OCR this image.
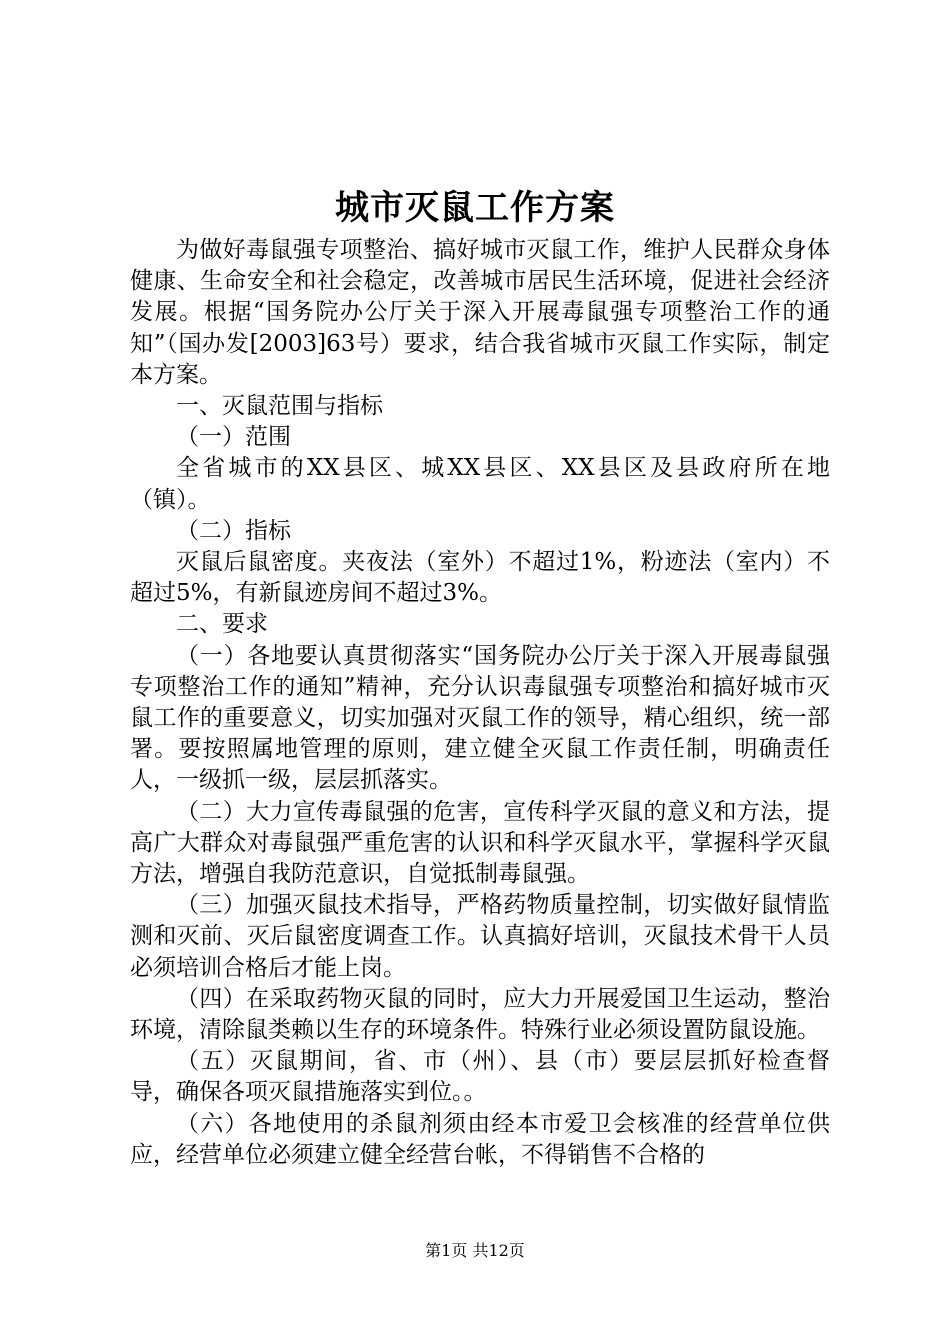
城市灭鼠工作方案

为做好毒鼠强专项整治、搞好城市灭鼠工作，维护人民群众身体健康、生命安全和社会稳定，改善城市居民生活环境，促进社会经济发展。根据“国务院办公厅关于深入开展毒鼠强专项整治工作的通知”（国办发[2003]63号）要求，结合我省城市灭鼠工作实际，制定本方案。

一、灭鼠范围与指标

（一）范围

全省城市的XX县区、城XX县区、XX县区及县政府所在地（镇）。

（二）指标

灭鼠后鼠密度。夹夜法（室外）不超过1%，粉迹法（室内）不超过5%，有新鼠迹房间不超过3%。

二、要求

（一）各地要认真贯彻落实“国务院办公厅关于深入开展毒鼠强专项整治工作的通知”精神，充分认识毒鼠强专项整治和搞好城市灭鼠工作的重要意义，切实加强对灭鼠工作的领导，精心组织，统一部署。要按照属地管理的原则，建立健全灭鼠工作责任制，明确责任人，一级抓一级，层层抓落实。

（二）大力宣传毒鼠强的危害，宣传科学灭鼠的意义和方法，提高广大群众对毒鼠强严重危害的认识和科学灭鼠水平，掌握科学灭鼠方法，增强自我防范意识，自觉抵制毒鼠强。

（三）加强灭鼠技术指导，严格药物质量控制，切实做好鼠情监测和灭前、灭后鼠密度调查工作。认真搞好培训，灭鼠技术骨干人员必须培训合格后才能上岗。

（四）在采取药物灭鼠的同时，应大力开展爱国卫生运动，整治环境，清除鼠类赖以生存的环境条件。特殊行业必须设置防鼠设施。

（五）灭鼠期间，省、市（州）、县（市）要层层抓好检查督导，确保各项灭鼠措施落实到位。。

（六）各地使用的杀鼠剂须由经本市爱卫会核准的经营单位供应，经营单位必须建立健全经营台帐，不得销售不合格的

第1页 共12页
